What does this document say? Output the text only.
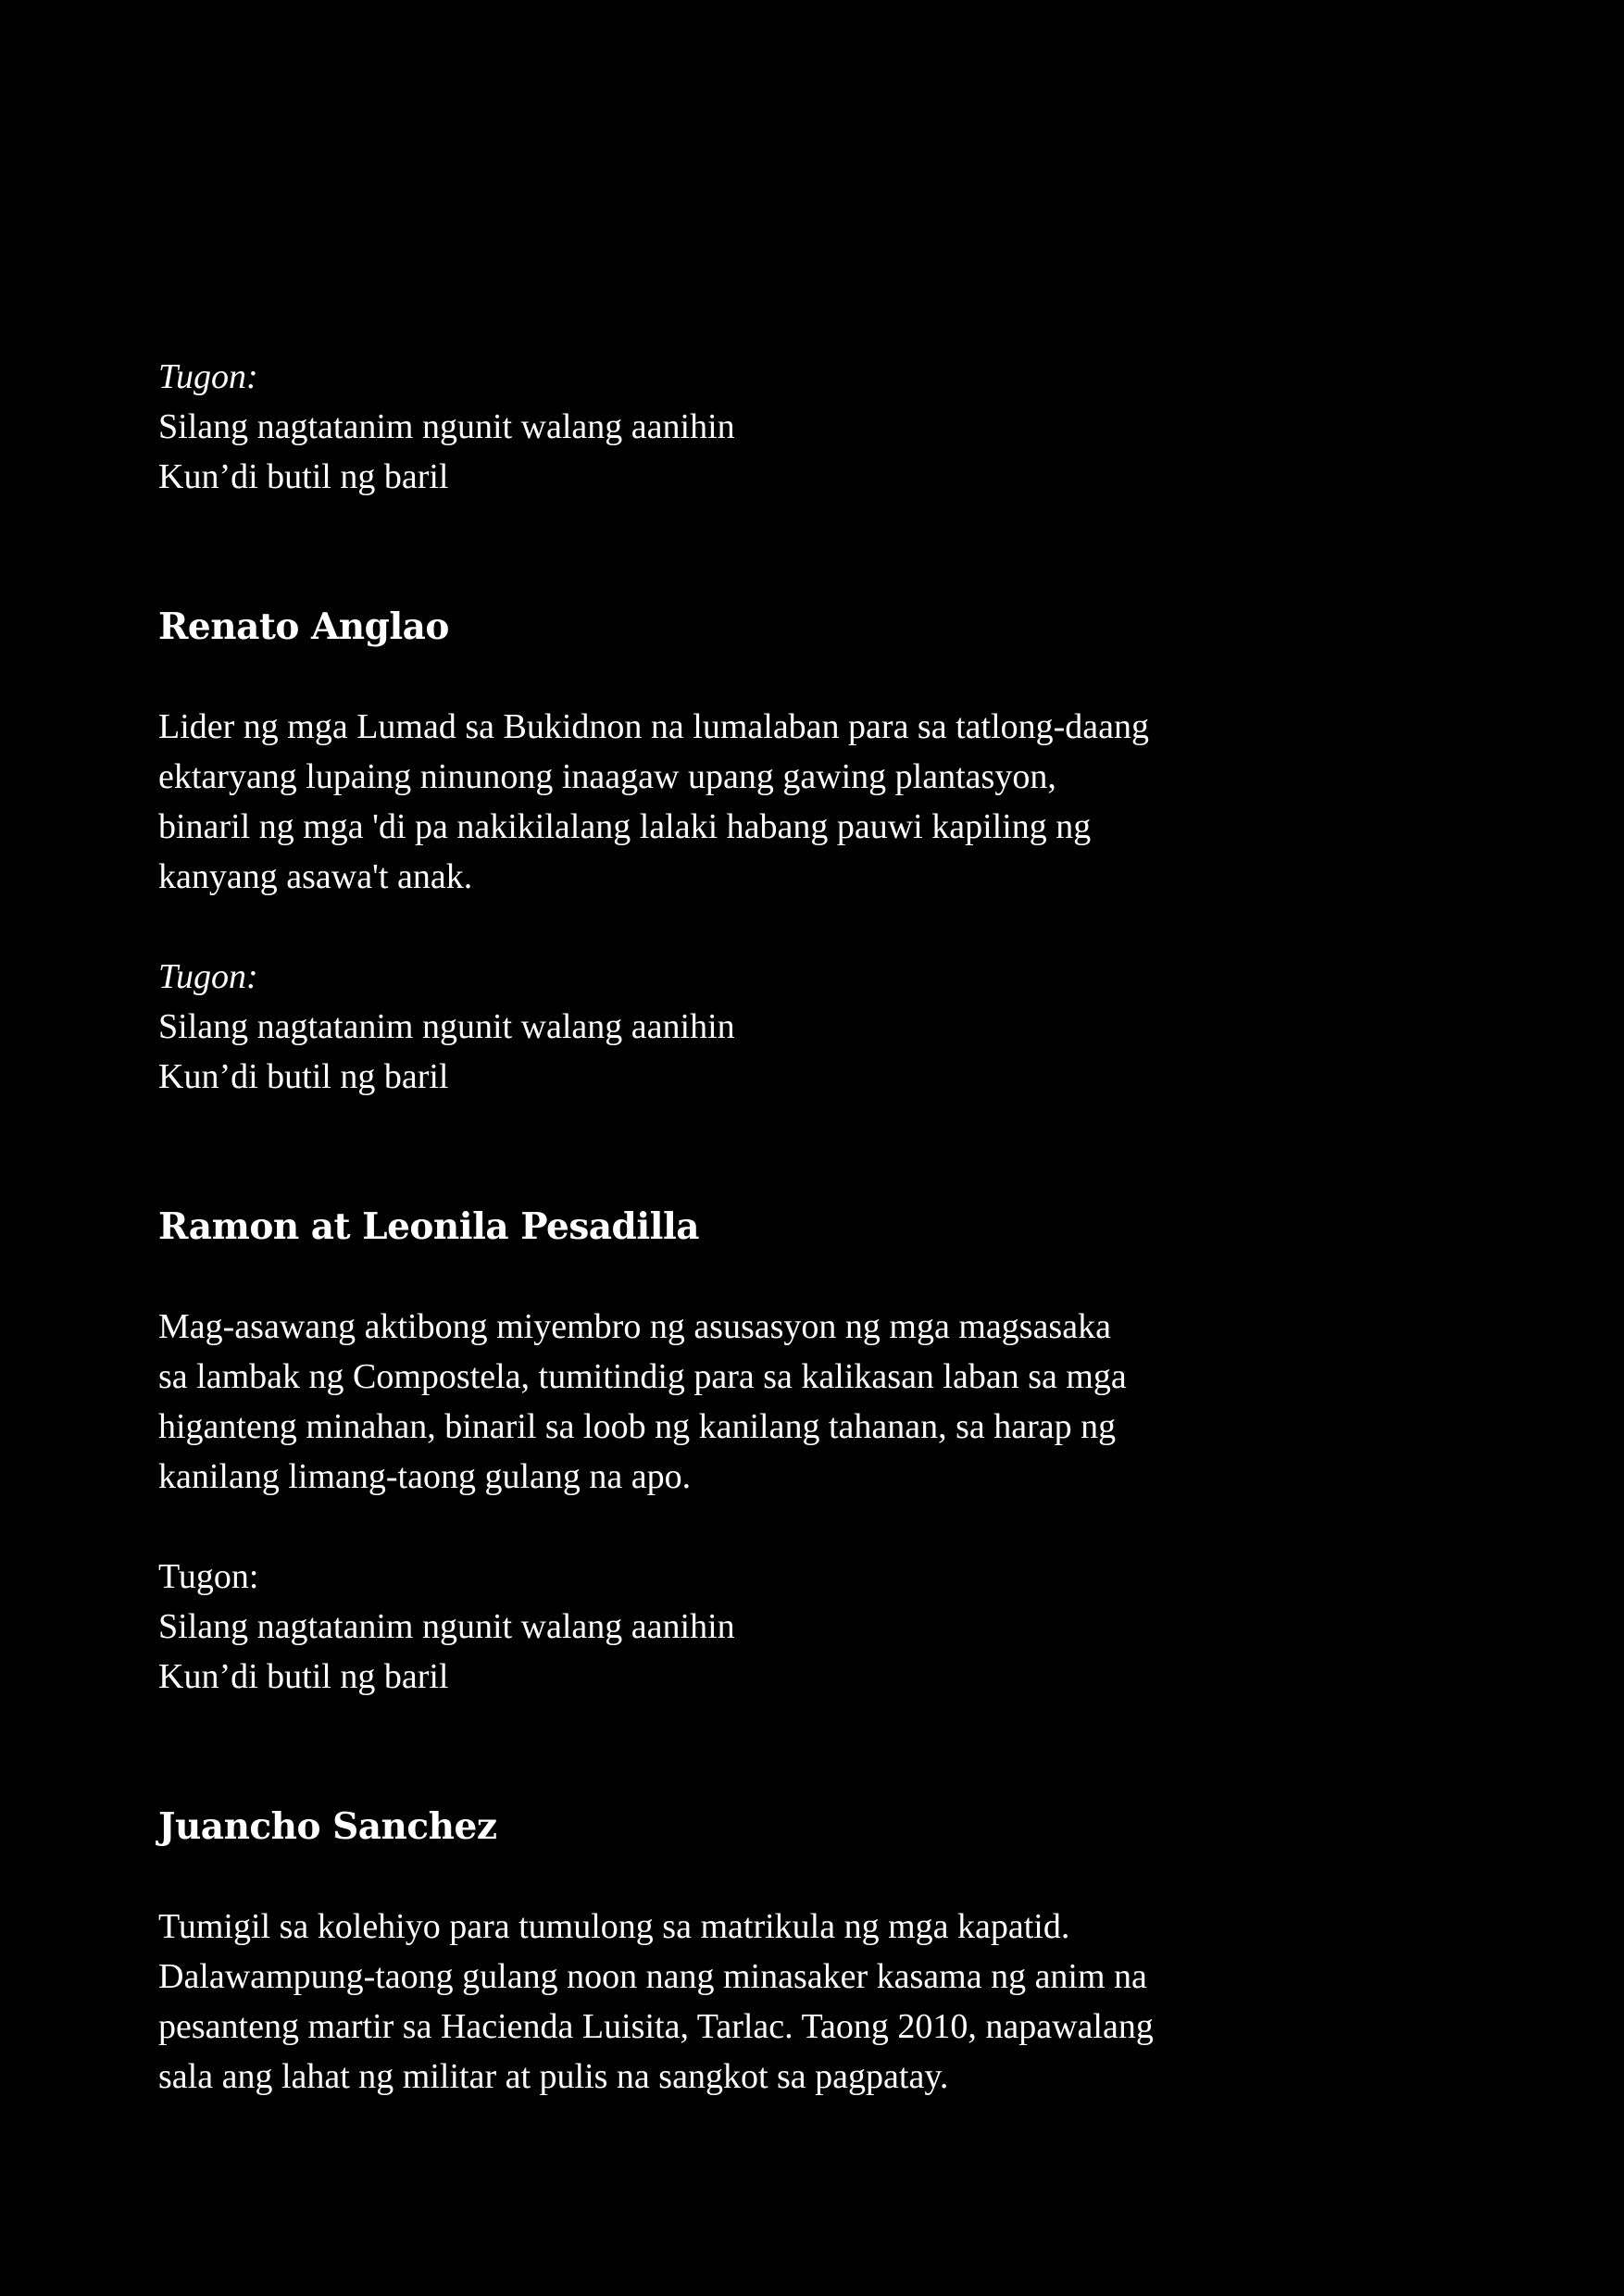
Tugon:

Silang nagtatanim ngunit walang aanihin

Kun’di butil ng baril

Renato Anglao

Lider ng mga Lumad sa Bukidnon na lumalaban para sa tatlong-daang

ektaryang lupaing ninunong inaagaw upang gawing plantasyon,

binaril ng mga 'di pa nakikilalang lalaki habang pauwi kapiling ng

kanyang asawa't anak.

Tugon:

Silang nagtatanim ngunit walang aanihin

Kun’di butil ng baril

Ramon at Leonila Pesadilla

Mag-asawang aktibong miyembro ng asusasyon ng mga magsasaka

sa lambak ng Compostela, tumitindig para sa kalikasan laban sa mga

higanteng minahan, binaril sa loob ng kanilang tahanan, sa harap ng

kanilang limang-taong gulang na apo.

Tugon:

Silang nagtatanim ngunit walang aanihin

Kun’di butil ng baril

Juancho Sanchez

Tumigil sa kolehiyo para tumulong sa matrikula ng mga kapatid.

Dalawampung-taong gulang noon nang minasaker kasama ng anim na

pesanteng martir sa Hacienda Luisita, Tarlac. Taong 2010, napawalang

sala ang lahat ng militar at pulis na sangkot sa pagpatay.
